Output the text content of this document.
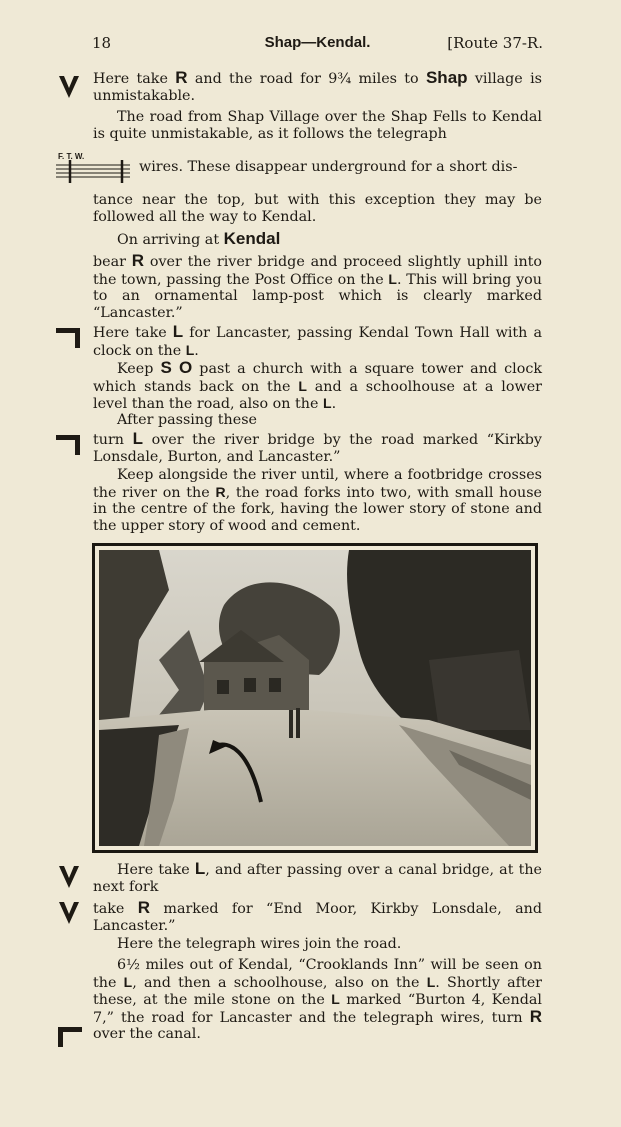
18	Shap—Kendal.	[Route 37-R.
F. T. W.
Here take R and the road for 9¾ miles to Shap village is unmistakable.
The road from Shap Village over the Shap Fells to Kendal is quite unmistakable, as it follows the telegraph
wires. These disappear underground for a short dis-
tance near the top, but with this exception they may be followed all the way to Kendal.
On arriving at Kendal
bear R over the river bridge and proceed slightly uphill into the town, passing the Post Office on the L. This will bring you to an ornamental lamp-post which is clearly marked “Lancaster.”
Here take L for Lancaster, passing Kendal Town Hall with a clock on the L.
Keep S O past a church with a square tower and clock which stands back on the L and a schoolhouse at a lower level than the road, also on the L.
After passing these
turn L over the river bridge by the road marked “Kirkby Lonsdale, Burton, and Lancaster.”
Keep alongside the river until, where a footbridge crosses the river on the R, the road forks into two, with small house in the centre of the fork, having the lower story of stone and the upper story of wood and cement.
Here take L, and after passing over a canal bridge, at the next fork
take R marked for “End Moor, Kirkby Lonsdale, and Lancaster.”
Here the telegraph wires join the road.
6½ miles out of Kendal, “Crooklands Inn” will be seen on the L, and then a schoolhouse, also on the L. Shortly after these, at the mile stone on the L marked “Burton 4, Kendal 7,” the road for Lancaster and the telegraph wires, turn R over the canal.
